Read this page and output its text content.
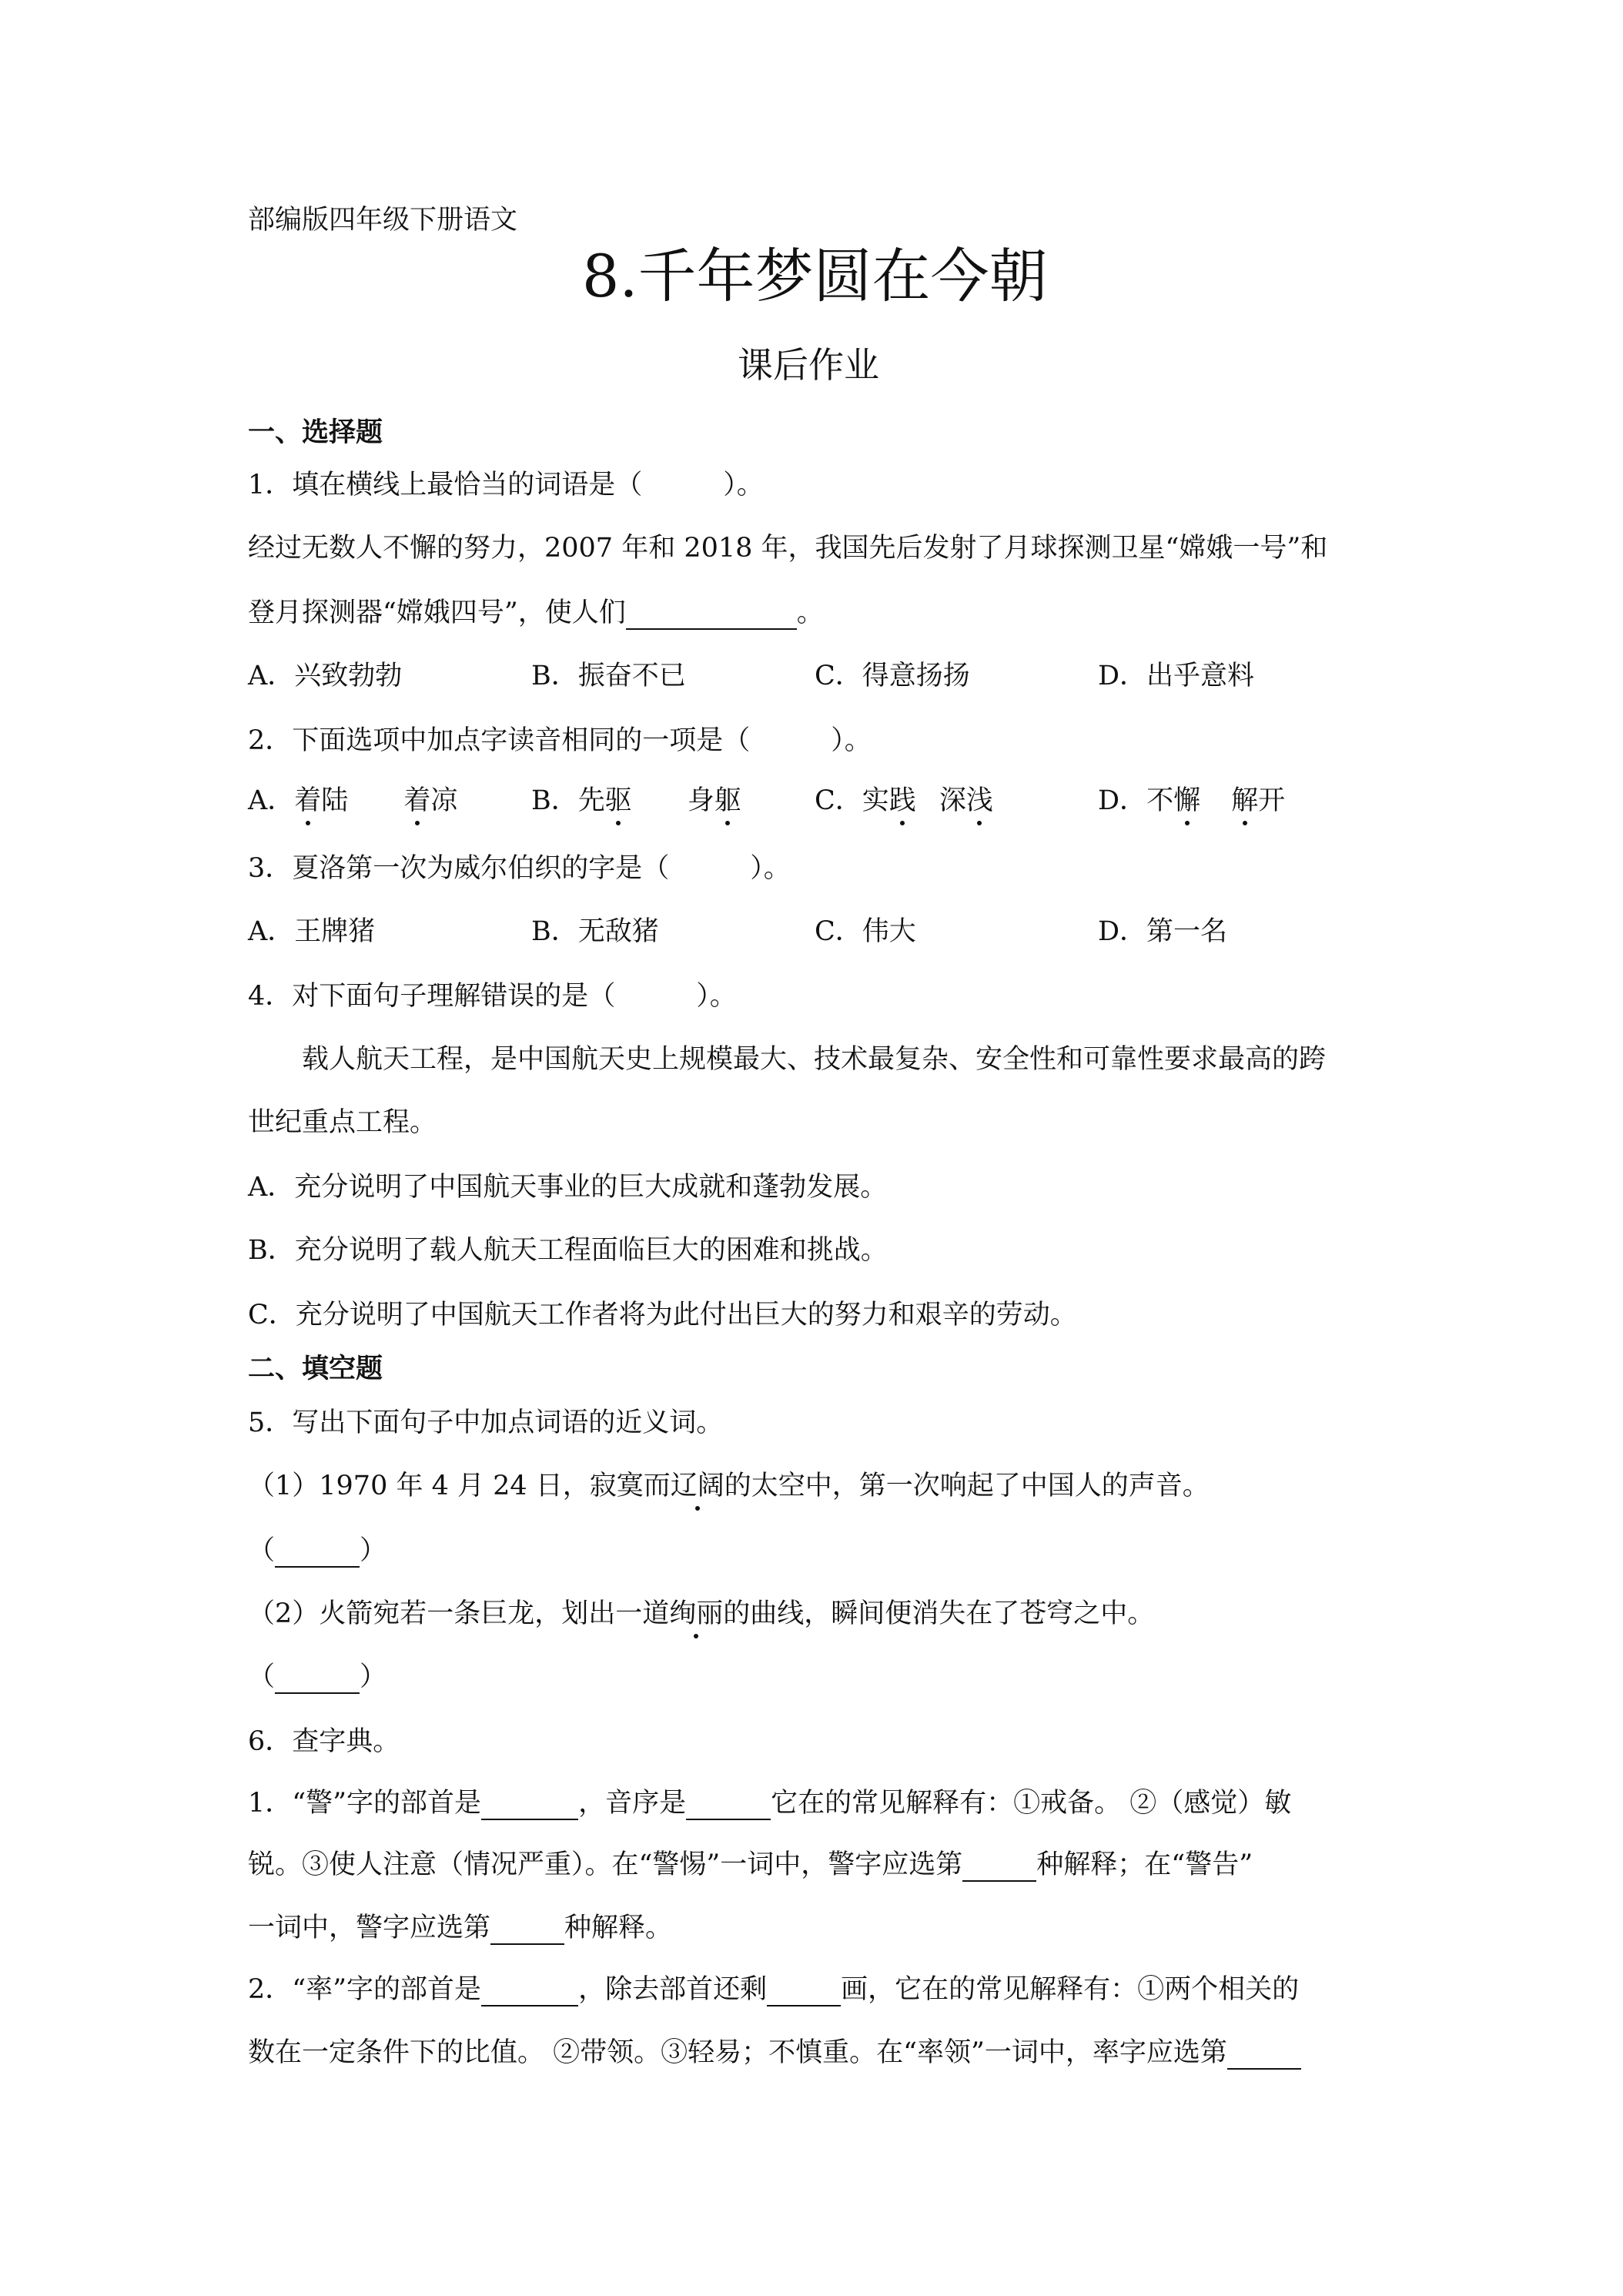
部编版四年级下册语文
8.千年梦圆在今朝
课后作业
一、选择题
1．填在横线上最恰当的词语是（　　　）。
经过无数人不懈的努力，2007 年和 2018 年，我国先后发射了月球探测卫星“嫦娥一号”和
登月探测器“嫦娥四号”，使人们	。
A．兴致勃勃	B．振奋不已	C．得意扬扬	D．出乎意料
2．下面选项中加点字读音相同的一项是（　　　）。
A．着陆 着凉	B．先驱 身躯	C．实践 深浅	D．不懈 解开
3．夏洛第一次为威尔伯织的字是（　　　）。
A．王牌猪	B．无敌猪	C．伟大	D．第一名
4．对下面句子理解错误的是（　　　）。
载人航天工程，是中国航天史上规模最大、技术最复杂、安全性和可靠性要求最高的跨
世纪重点工程。
A．充分说明了中国航天事业的巨大成就和蓬勃发展。
B．充分说明了载人航天工程面临巨大的困难和挑战。
C．充分说明了中国航天工作者将为此付出巨大的努力和艰辛的劳动。
二、填空题
5．写出下面句子中加点词语的近义词。
（1）1970 年 4 月 24 日，寂寞而辽阔的太空中，第一次响起了中国人的声音。
（	）
（2）火箭宛若一条巨龙，划出一道绚丽的曲线，瞬间便消失在了苍穹之中。
（	）
6．查字典。
1．“警”字的部首是	，音序是	它在的常见解释有：①戒备。 ②（感觉）敏
锐。③使人注意（情况严重）。在“警惕”一词中，警字应选第	种解释；在“警告”
一词中，警字应选第	种解释。
2．“率”字的部首是	，除去部首还剩	画，它在的常见解释有：①两个相关的
数在一定条件下的比值。 ②带领。③轻易；不慎重。在“率领”一词中，率字应选第
